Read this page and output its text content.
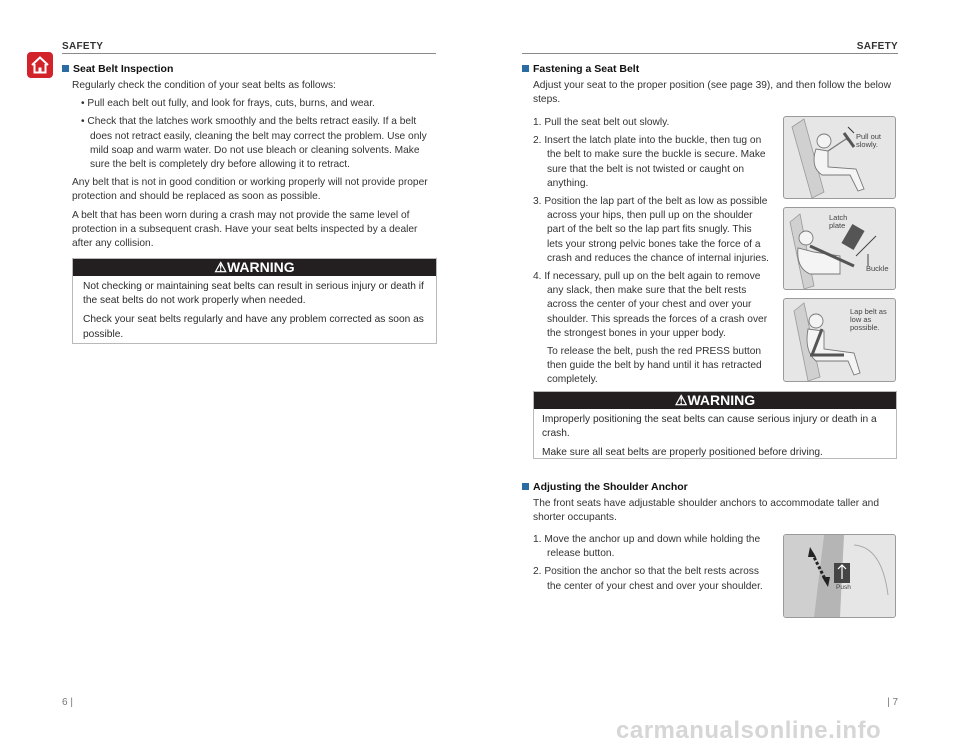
SAFETY
Seat Belt Inspection

Regularly check the condition of your seat belts as follows:

• Pull each belt out fully, and look for frays, cuts, burns, and wear.

• Check that the latches work smoothly and the belts retract easily. If a belt does not retract easily, cleaning the belt may correct the problem. Use only mild soap and warm water. Do not use bleach or cleaning solvents. Make sure the belt is completely dry before allowing it to retract.

Any belt that is not in good condition or working properly will not provide proper protection and should be replaced as soon as possible.

A belt that has been worn during a crash may not provide the same level of protection in a subsequent crash. Have your seat belts inspected by a dealer after any collision.

⚠WARNING

Not checking or maintaining seat belts can result in serious injury or death if the seat belts do not work properly when needed.

Check your seat belts regularly and have any problem corrected as soon as possible.

6 |
SAFETY
Fastening a Seat Belt
Adjust your seat to the proper position (see page 39), and then follow the below steps.

1. Pull the seat belt out slowly.

2. Insert the latch plate into the buckle, then tug on the belt to make sure the buckle is secure. Make sure that the belt is not twisted or caught on anything.

3. Position the lap part of the belt as low as possible across your hips, then pull up on the shoulder part of the belt so the lap part fits snugly. This lets your strong pelvic bones take the force of a crash and reduces the chance of internal injuries.

4. If necessary, pull up on the belt again to remove any slack, then make sure that the belt rests across the center of your chest and over your shoulder. This spreads the forces of a crash over the strongest bones in your upper body.

To release the belt, push the red PRESS button then guide the belt by hand until it has retracted completely.

Pull out slowly.
Latch plate
Buckle
Lap belt as low as possible.
⚠WARNING

Improperly positioning the seat belts can cause serious injury or death in a crash.

Make sure all seat belts are properly positioned before driving.

Adjusting the Shoulder Anchor
The front seats have adjustable shoulder anchors to accommodate taller and shorter occupants.

1. Move the anchor up and down while holding the release button.

2. Position the anchor so that the belt rests across the center of your chest and over your shoulder.	Push
| 7
carmanualsonline.info
